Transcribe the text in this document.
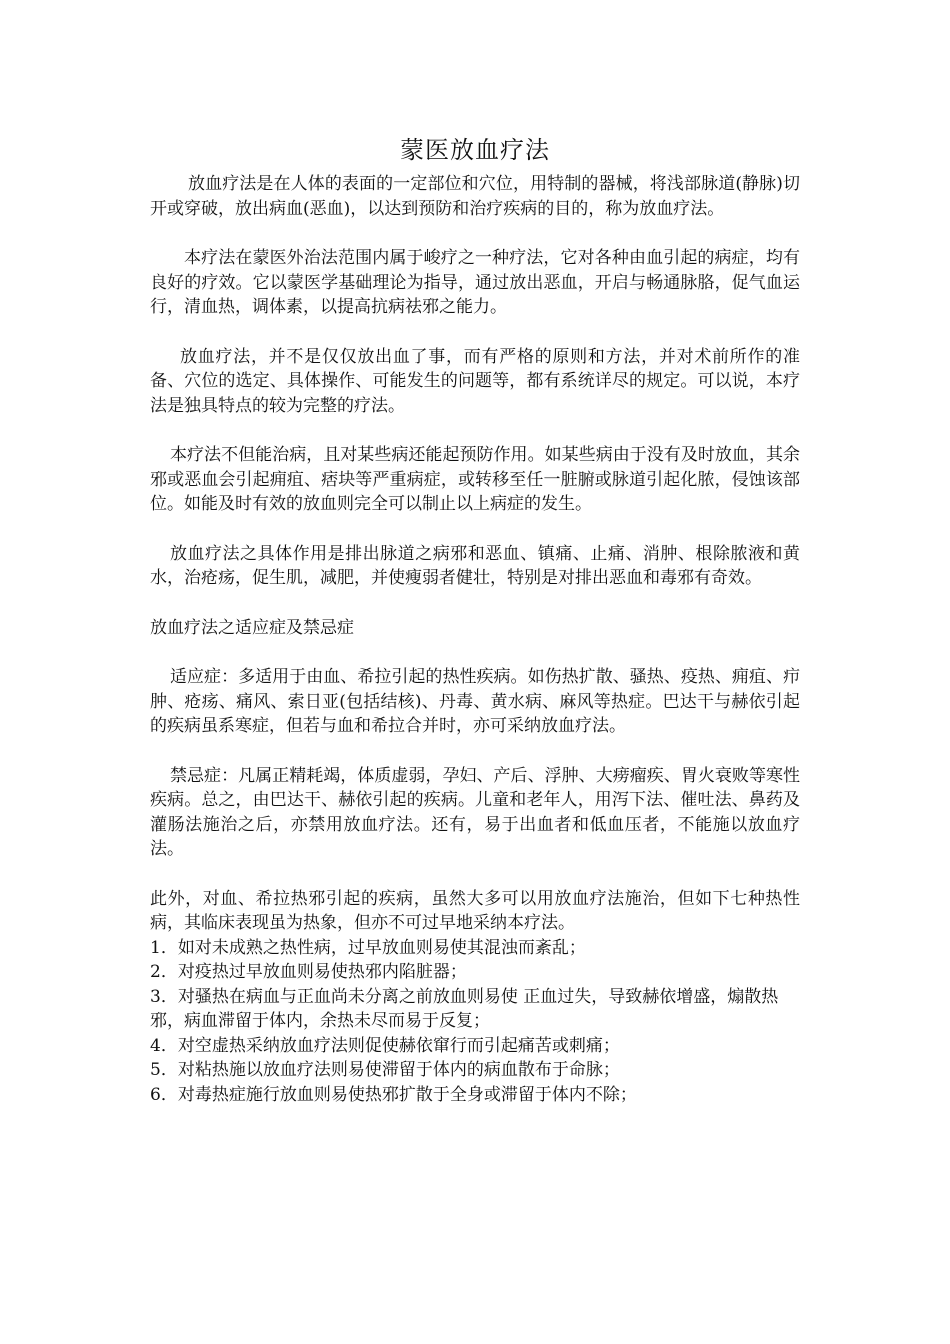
蒙医放血疗法

放血疗法是在人体的表面的一定部位和穴位，用特制的器械，将浅部脉道(静脉)切开或穿破，放出病血(恶血)，以达到预防和治疗疾病的目的，称为放血疗法。

本疗法在蒙医外治法范围内属于峻疗之一种疗法，它对各种由血引起的病症，均有良好的疗效。它以蒙医学基础理论为指导，通过放出恶血，开启与畅通脉胳，促气血运行，清血热，调体素，以提高抗病祛邪之能力。

放血疗法，并不是仅仅放出血了事，而有严格的原则和方法，并对术前所作的准备、穴位的选定、具体操作、可能发生的问题等，都有系统详尽的规定。可以说，本疗法是独具特点的较为完整的疗法。

本疗法不但能治病，且对某些病还能起预防作用。如某些病由于没有及时放血，其余邪或恶血会引起痈疽、痞块等严重病症，或转移至任一脏腑或脉道引起化脓，侵蚀该部位。如能及时有效的放血则完全可以制止以上病症的发生。

放血疗法之具体作用是排出脉道之病邪和恶血、镇痛、止痛、消肿、根除脓液和黄水，治疮疡，促生肌，减肥，并使瘦弱者健壮，特别是对排出恶血和毒邪有奇效。

放血疗法之适应症及禁忌症

适应症：多适用于由血、希拉引起的热性疾病。如伤热扩散、骚热、疫热、痈疽、疖肿、疮疡、痛风、索日亚(包括结核)、丹毒、黄水病、麻风等热症。巴达干与赫依引起的疾病虽系寒症，但若与血和希拉合并时，亦可采纳放血疗法。

禁忌症：凡属正精耗竭，体质虚弱，孕妇、产后、浮肿、大痨瘤疾、胃火衰败等寒性疾病。总之，由巴达干、赫依引起的疾病。儿童和老年人，用泻下法、催吐法、鼻药及灌肠法施治之后，亦禁用放血疗法。还有，易于出血者和低血压者，不能施以放血疗法。

此外，对血、希拉热邪引起的疾病，虽然大多可以用放血疗法施治，但如下七种热性病，其临床表现虽为热象，但亦不可过早地采纳本疗法。

1．如对未成熟之热性病，过早放血则易使其混浊而紊乱；
2．对疫热过早放血则易使热邪内陷脏器；
3．对骚热在病血与正血尚未分离之前放血则易使 正血过失，导致赫依增盛，煽散热邪，病血滞留于体内，余热未尽而易于反复；
4．对空虚热采纳放血疗法则促使赫依窜行而引起痛苦或刺痛；
5．对粘热施以放血疗法则易使滞留于体内的病血散布于命脉；
6．对毒热症施行放血则易使热邪扩散于全身或滞留于体内不除；
